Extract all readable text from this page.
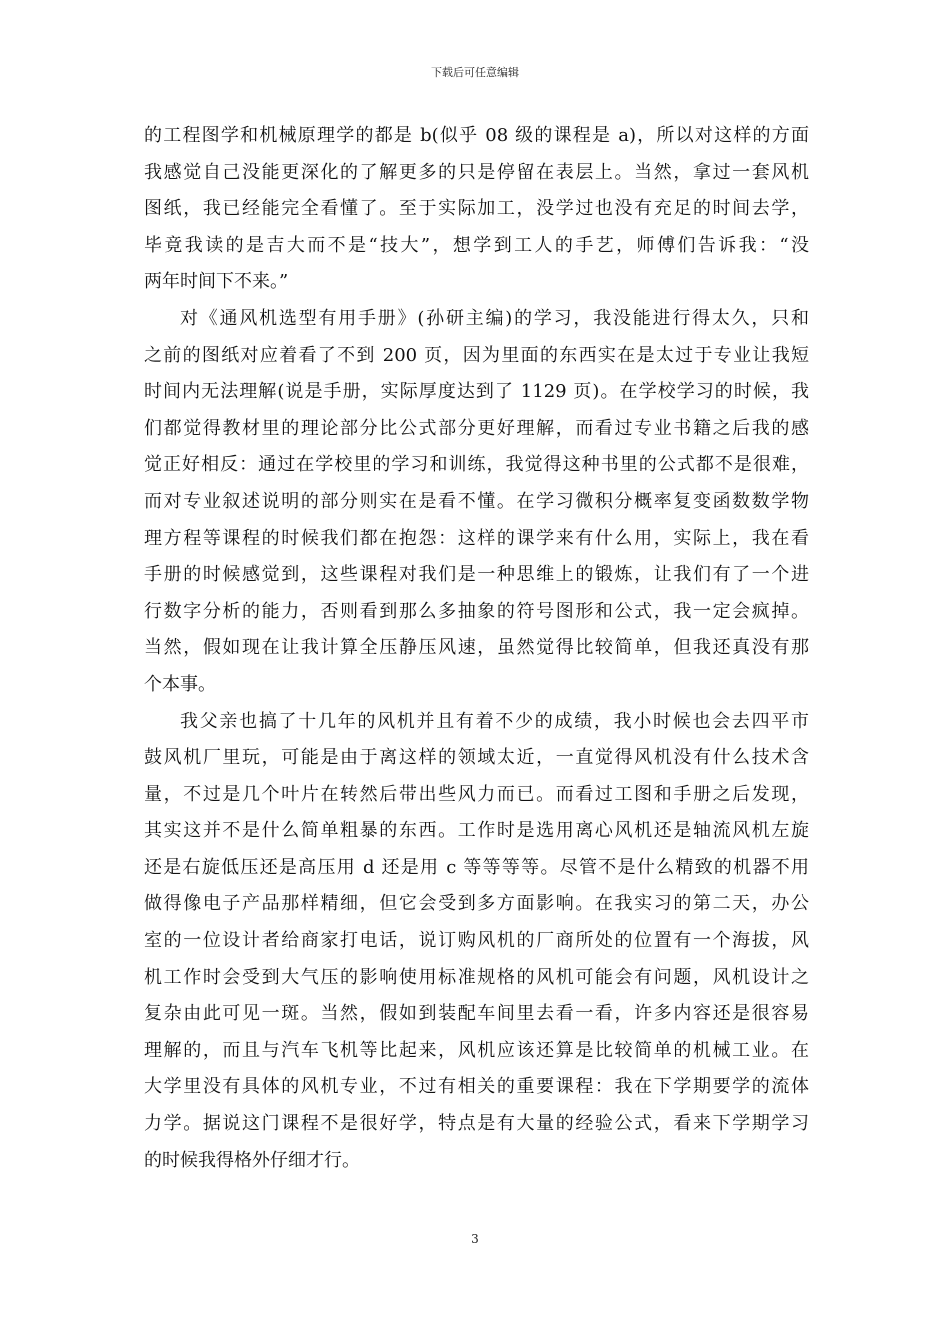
下载后可任意编辑
的工程图学和机械原理学的都是 b(似乎 08 级的课程是 a)，所以对这样的方面
我感觉自己没能更深化的了解更多的只是停留在表层上。当然，拿过一套风机
图纸，我已经能完全看懂了。至于实际加工，没学过也没有充足的时间去学，
毕竟我读的是吉大而不是“技大”，想学到工人的手艺，师傅们告诉我：“没
两年时间下不来。”
对《通风机选型有用手册》(孙研主编)的学习，我没能进行得太久，只和
之前的图纸对应着看了不到 200 页，因为里面的东西实在是太过于专业让我短
时间内无法理解(说是手册，实际厚度达到了 1129 页)。在学校学习的时候，我
们都觉得教材里的理论部分比公式部分更好理解，而看过专业书籍之后我的感
觉正好相反：通过在学校里的学习和训练，我觉得这种书里的公式都不是很难，
而对专业叙述说明的部分则实在是看不懂。在学习微积分概率复变函数数学物
理方程等课程的时候我们都在抱怨：这样的课学来有什么用，实际上，我在看
手册的时候感觉到，这些课程对我们是一种思维上的锻炼，让我们有了一个进
行数字分析的能力，否则看到那么多抽象的符号图形和公式，我一定会疯掉。
当然，假如现在让我计算全压静压风速，虽然觉得比较简单，但我还真没有那
个本事。
我父亲也搞了十几年的风机并且有着不少的成绩，我小时候也会去四平市
鼓风机厂里玩，可能是由于离这样的领域太近，一直觉得风机没有什么技术含
量，不过是几个叶片在转然后带出些风力而已。而看过工图和手册之后发现，
其实这并不是什么简单粗暴的东西。工作时是选用离心风机还是轴流风机左旋
还是右旋低压还是高压用 d 还是用 c 等等等等。尽管不是什么精致的机器不用
做得像电子产品那样精细，但它会受到多方面影响。在我实习的第二天，办公
室的一位设计者给商家打电话，说订购风机的厂商所处的位置有一个海拔，风
机工作时会受到大气压的影响使用标准规格的风机可能会有问题，风机设计之
复杂由此可见一斑。当然，假如到装配车间里去看一看，许多内容还是很容易
理解的，而且与汽车飞机等比起来，风机应该还算是比较简单的机械工业。在
大学里没有具体的风机专业，不过有相关的重要课程：我在下学期要学的流体
力学。据说这门课程不是很好学，特点是有大量的经验公式，看来下学期学习
的时候我得格外仔细才行。
3
